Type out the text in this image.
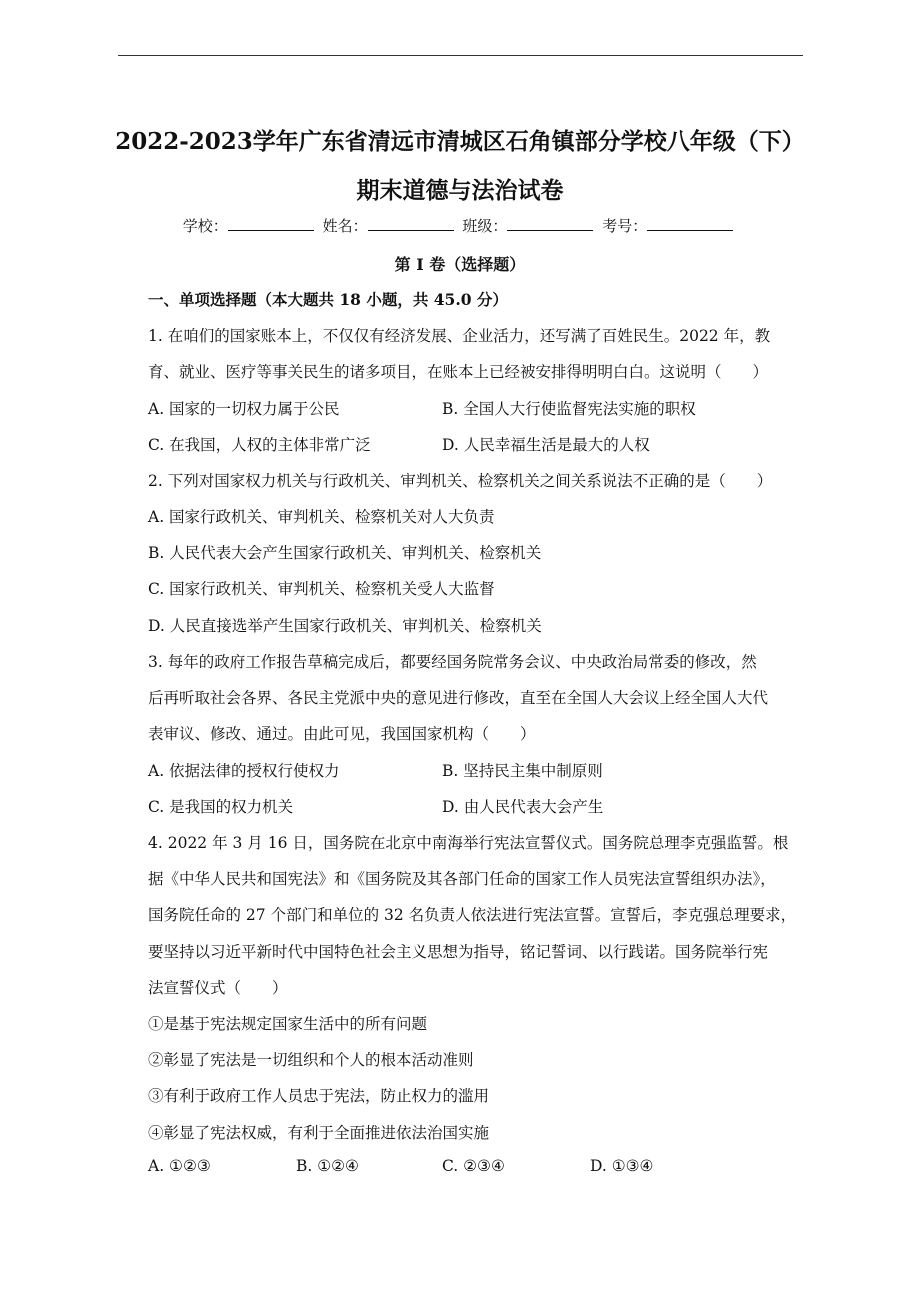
2022-2023学年广东省清远市清城区石角镇部分学校八年级（下）
期末道德与法治试卷
学校：	姓名：	班级：	考号：
第 I 卷（选择题）
一、单项选择题（本大题共 18 小题，共 45.0 分）
1. 在咱们的国家账本上，不仅仅有经济发展、企业活力，还写满了百姓民生。2022 年，教
育、就业、医疗等事关民生的诸多项目，在账本上已经被安排得明明白白。这说明（　　）
A. 国家的一切权力属于公民	B. 全国人大行使监督宪法实施的职权
C. 在我国，人权的主体非常广泛	D. 人民幸福生活是最大的人权
2. 下列对国家权力机关与行政机关、审判机关、检察机关之间关系说法不正确的是（　　）
A. 国家行政机关、审判机关、检察机关对人大负责
B. 人民代表大会产生国家行政机关、审判机关、检察机关
C. 国家行政机关、审判机关、检察机关受人大监督
D. 人民直接选举产生国家行政机关、审判机关、检察机关
3. 每年的政府工作报告草稿完成后，都要经国务院常务会议、中央政治局常委的修改，然
后再听取社会各界、各民主党派中央的意见进行修改，直至在全国人大会议上经全国人大代
表审议、修改、通过。由此可见，我国国家机构（　　）
A. 依据法律的授权行使权力	B. 坚持民主集中制原则
C. 是我国的权力机关	D. 由人民代表大会产生
4. 2022 年 3 月 16 日，国务院在北京中南海举行宪法宣誓仪式。国务院总理李克强监誓。根
据《中华人民共和国宪法》和《国务院及其各部门任命的国家工作人员宪法宣誓组织办法》，
国务院任命的 27 个部门和单位的 32 名负责人依法进行宪法宣誓。宣誓后，李克强总理要求，
要坚持以习近平新时代中国特色社会主义思想为指导，铭记誓词、以行践诺。国务院举行宪
法宣誓仪式（　　）
①是基于宪法规定国家生活中的所有问题
②彰显了宪法是一切组织和个人的根本活动准则
③有利于政府工作人员忠于宪法，防止权力的滥用
④彰显了宪法权威，有利于全面推进依法治国实施
A. ①②③	B. ①②④	C. ②③④	D. ①③④
